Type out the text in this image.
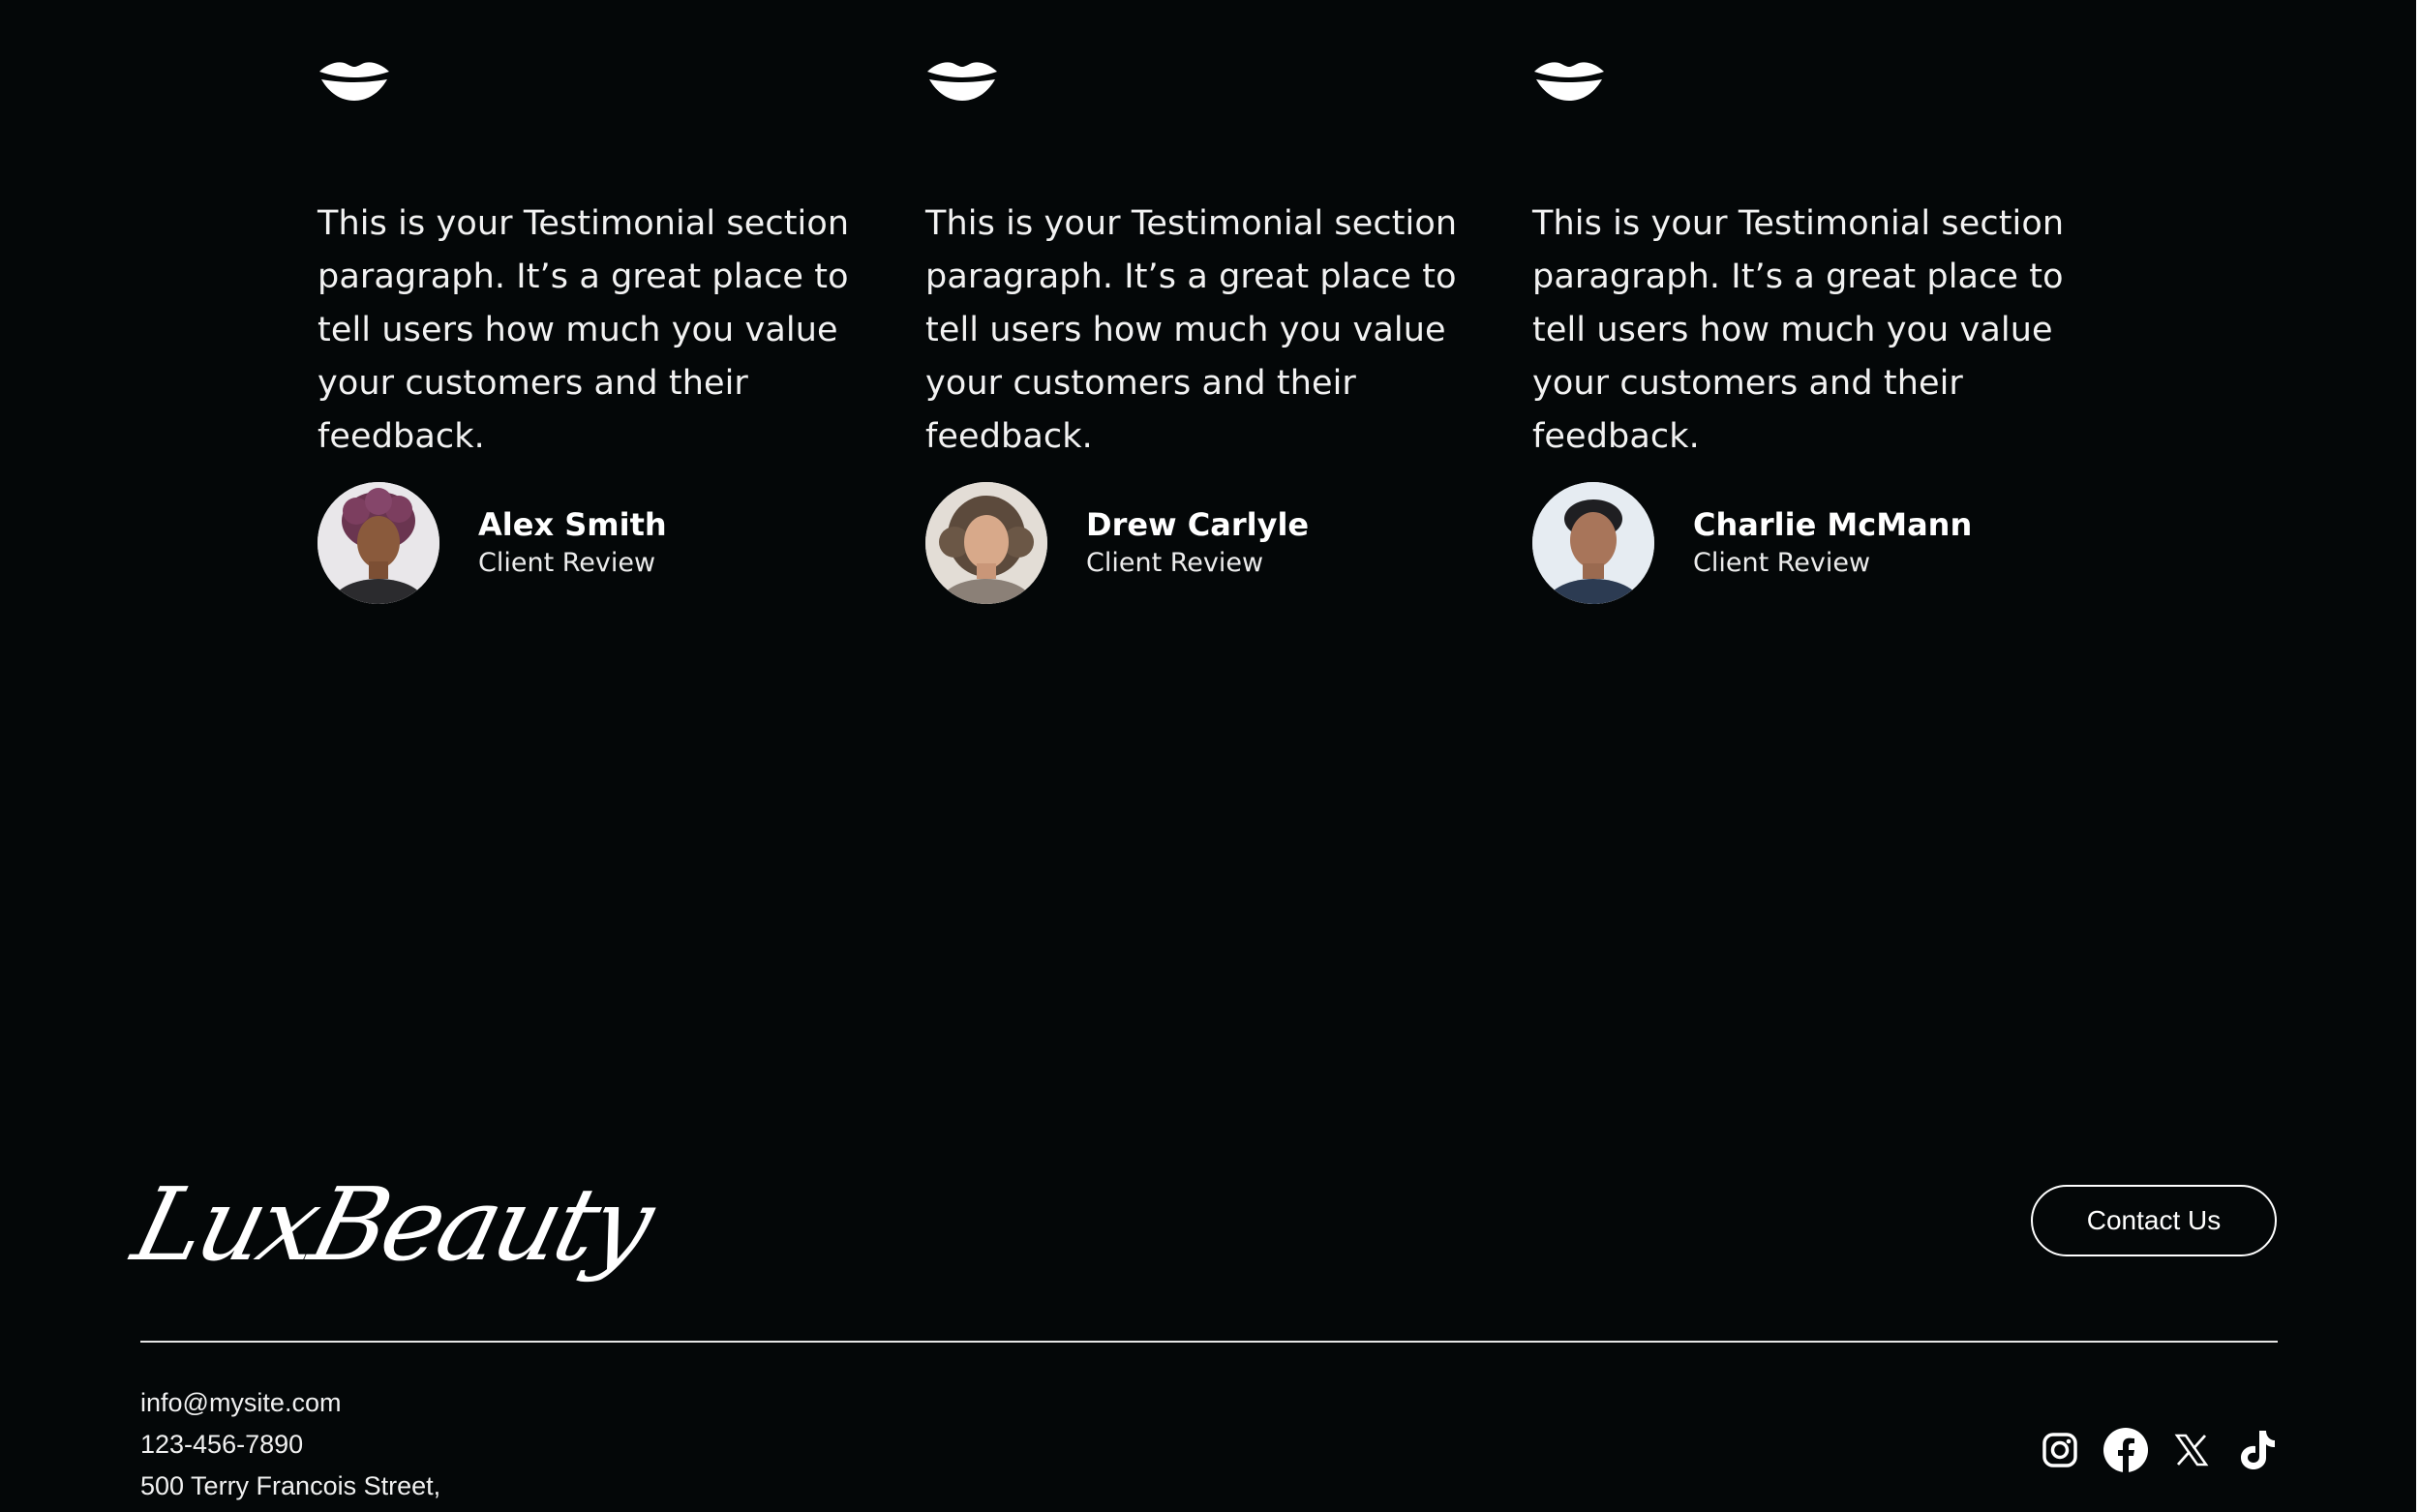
This is your Testimonial section paragraph. It’s a great place to tell users how much you value your customers and their feedback.
Alex Smith
Client Review
This is your Testimonial section paragraph. It’s a great place to tell users how much you value your customers and their feedback.
Drew Carlyle
Client Review
This is your Testimonial section paragraph. It’s a great place to tell users how much you value your customers and their feedback.
Charlie McMann
Client Review
LuxBeauty	Contact Us
info@mysite.com
123-456-7890
500 Terry Francois Street,
